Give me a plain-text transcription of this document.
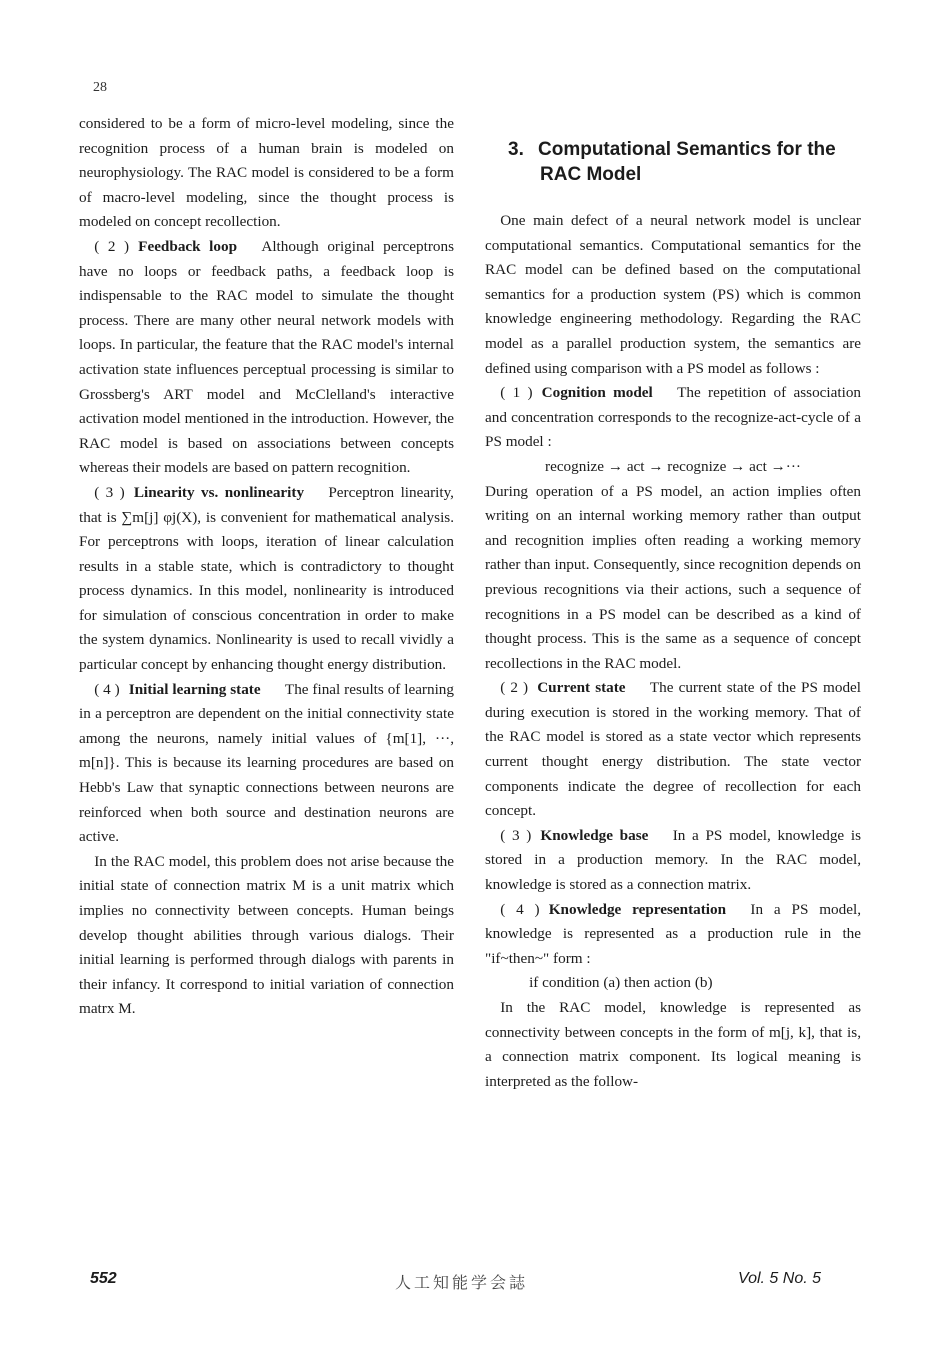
28

considered to be a form of micro-level modeling, since the recognition process of a human brain is modeled on neurophysiology. The RAC model is considered to be a form of macro-level modeling, since the thought process is modeled on concept recollection.

( 2 ) Feedback loop Although original perceptrons have no loops or feedback paths, a feedback loop is indispensable to the RAC model to simulate the thought process. There are many other neural network models with loops. In particular, the feature that the RAC model's internal activation state influences perceptual processing is similar to Grossberg's ART model and McClelland's interactive activation model mentioned in the introduction. However, the RAC model is based on associations between concepts whereas their models are based on pattern recognition.

( 3 ) Linearity vs. nonlinearity Perceptron linearity, that is ∑m[j] φj(X), is convenient for mathematical analysis. For perceptrons with loops, iteration of linear calculation results in a stable state, which is contradictory to thought process dynamics. In this model, nonlinearity is introduced for simulation of conscious concentration in order to make the system dynamics. Nonlinearity is used to recall vividly a particular concept by enhancing thought energy distribution.

( 4 ) Initial learning state The final results of learning in a perceptron are dependent on the initial connectivity state among the neurons, namely initial values of {m[1], ···, m[n]}. This is because its learning procedures are based on Hebb's Law that synaptic connections between neurons are reinforced when both source and destination neurons are active.

In the RAC model, this problem does not arise because the initial state of connection matrix M is a unit matrix which implies no connectivity between concepts. Human beings develop thought abilities through various dialogs. Their initial learning is performed through dialogs with parents in their infancy. It correspond to initial variation of connection matrx M.

3. Computational Semantics for the
RAC Model

One main defect of a neural network model is unclear computational semantics. Computational semantics for the RAC model can be defined based on the computational semantics for a production system (PS) which is common knowledge engineering methodology. Regarding the RAC model as a parallel production system, the semantics are defined using comparison with a PS model as follows :

( 1 ) Cognition model The repetition of association and concentration corresponds to the recognize-act-cycle of a PS model :

recognize → act → recognize → act →···

During operation of a PS model, an action implies often writing on an internal working memory rather than output and recognition implies often reading a working memory rather than input. Consequently, since recognition depends on previous recognitions via their actions, such a sequence of recognitions in a PS model can be described as a kind of thought process. This is the same as a sequence of concept recollections in the RAC model.

( 2 ) Current state The current state of the PS model during execution is stored in the working memory. That of the RAC model is stored as a state vector which represents current thought energy distribution. The state vector components indicate the degree of recollection for each concept.

( 3 ) Knowledge base In a PS model, knowledge is stored in a production memory. In the RAC model, knowledge is stored as a connection matrix.

( 4 ) Knowledge representation In a PS model, knowledge is represented as a production rule in the "if~then~" form :

if condition (a) then action (b)

In the RAC model, knowledge is represented as connectivity between concepts in the form of m[j, k], that is, a connection matrix component. Its logical meaning is interpreted as the follow-

552	人工知能学会誌	Vol. 5 No. 5
